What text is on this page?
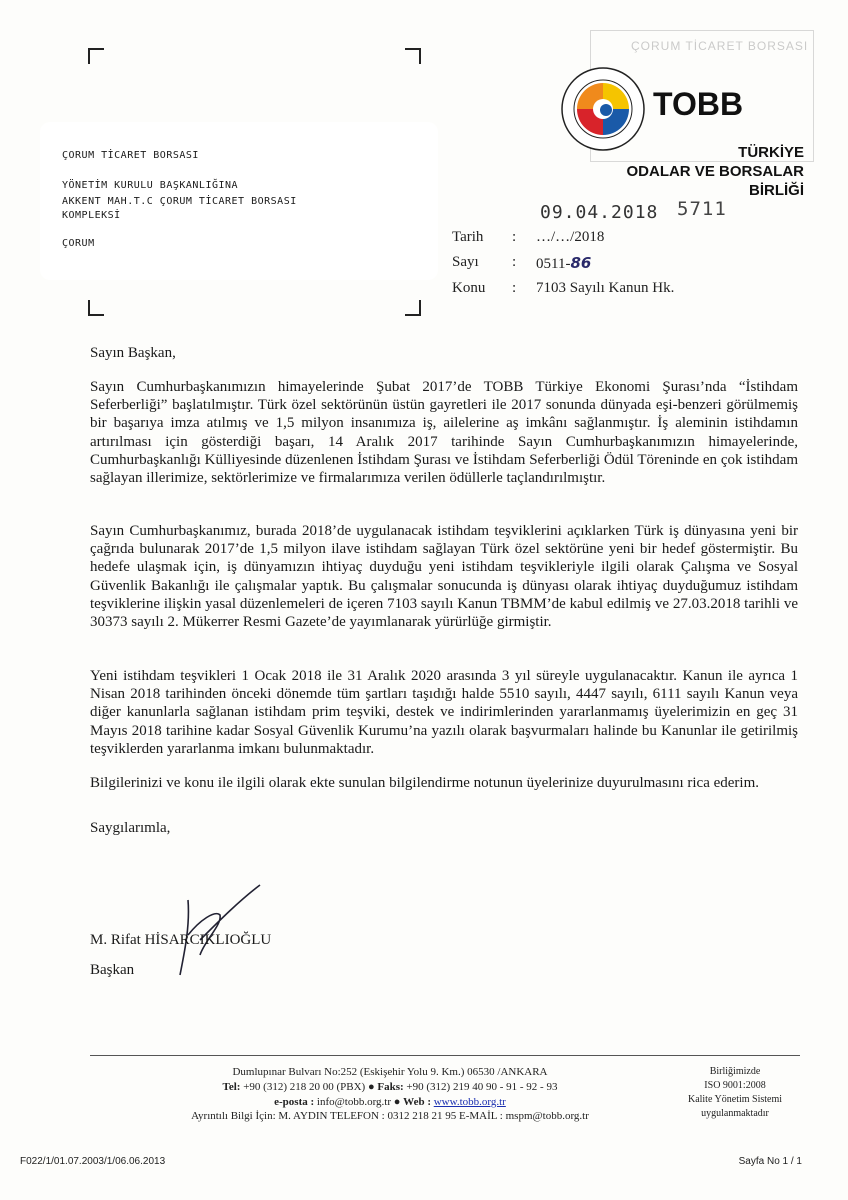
ÇORUM TİCARET BORSASI
YÖNETİM KURULU BAŞKANLIĞINA
AKKENT MAH.T.C ÇORUM TİCARET BORSASI
KOMPLEKSİ
ÇORUM
ÇORUM TİCARET BORSASI
TOBB
TÜRKİYE
ODALAR VE BORSALAR
BİRLİĞİ
09.04.2018 5711
Tarih : …/…/2018
Sayı : 0511-86
Konu : 7103 Sayılı Kanun Hk.
Sayın Başkan,
Sayın Cumhurbaşkanımızın himayelerinde Şubat 2017’de TOBB Türkiye Ekonomi Şurası’nda “İstihdam Seferberliği” başlatılmıştır. Türk özel sektörünün üstün gayretleri ile 2017 sonunda dünyada eşi-benzeri görülmemiş bir başarıya imza atılmış ve 1,5 milyon insanımıza iş, ailelerine aş imkânı sağlanmıştır. İş aleminin istihdamın artırılması için gösterdiği başarı, 14 Aralık 2017 tarihinde Sayın Cumhurbaşkanımızın himayelerinde, Cumhurbaşkanlığı Külliyesinde düzenlenen İstihdam Şurası ve İstihdam Seferberliği Ödül Töreninde en çok istihdam sağlayan illerimize, sektörlerimize ve firmalarımıza verilen ödüllerle taçlandırılmıştır.
Sayın Cumhurbaşkanımız, burada 2018’de uygulanacak istihdam teşviklerini açıklarken Türk iş dünyasına yeni bir çağrıda bulunarak 2017’de 1,5 milyon ilave istihdam sağlayan Türk özel sektörüne yeni bir hedef göstermiştir. Bu hedefe ulaşmak için, iş dünyamızın ihtiyaç duyduğu yeni istihdam teşvikleriyle ilgili olarak Çalışma ve Sosyal Güvenlik Bakanlığı ile çalışmalar yaptık. Bu çalışmalar sonucunda iş dünyası olarak ihtiyaç duyduğumuz istihdam teşviklerine ilişkin yasal düzenlemeleri de içeren 7103 sayılı Kanun TBMM’de kabul edilmiş ve 27.03.2018 tarihli ve 30373 sayılı 2. Mükerrer Resmi Gazete’de yayımlanarak yürürlüğe girmiştir.
Yeni istihdam teşvikleri 1 Ocak 2018 ile 31 Aralık 2020 arasında 3 yıl süreyle uygulanacaktır. Kanun ile ayrıca 1 Nisan 2018 tarihinden önceki dönemde tüm şartları taşıdığı halde 5510 sayılı, 4447 sayılı, 6111 sayılı Kanun veya diğer kanunlarla sağlanan istihdam prim teşviki, destek ve indirimlerinden yararlanmamış üyelerimizin en geç 31 Mayıs 2018 tarihine kadar Sosyal Güvenlik Kurumu’na yazılı olarak başvurmaları halinde bu Kanunlar ile getirilmiş teşviklerden yararlanma imkanı bulunmaktadır.
Bilgilerinizi ve konu ile ilgili olarak ekte sunulan bilgilendirme notunun üyelerinize duyurulmasını rica ederim.
Saygılarımla,
M. Rifat HİSARCIKLIOĞLU
Başkan
Dumlupınar Bulvarı No:252 (Eskişehir Yolu 9. Km.) 06530 /ANKARA
Tel: +90 (312) 218 20 00 (PBX) ● Faks: +90 (312) 219 40 90 - 91 - 92 - 93
e-posta : info@tobb.org.tr ● Web : www.tobb.org.tr
Ayrıntılı Bilgi İçin: M. AYDIN TELEFON : 0312 218 21 95 E-MAİL : mspm@tobb.org.tr
Birliğimizde
ISO 9001:2008
Kalite Yönetim Sistemi
uygulanmaktadır
F022/1/01.07.2003/1/06.06.2013	Sayfa No 1 / 1
